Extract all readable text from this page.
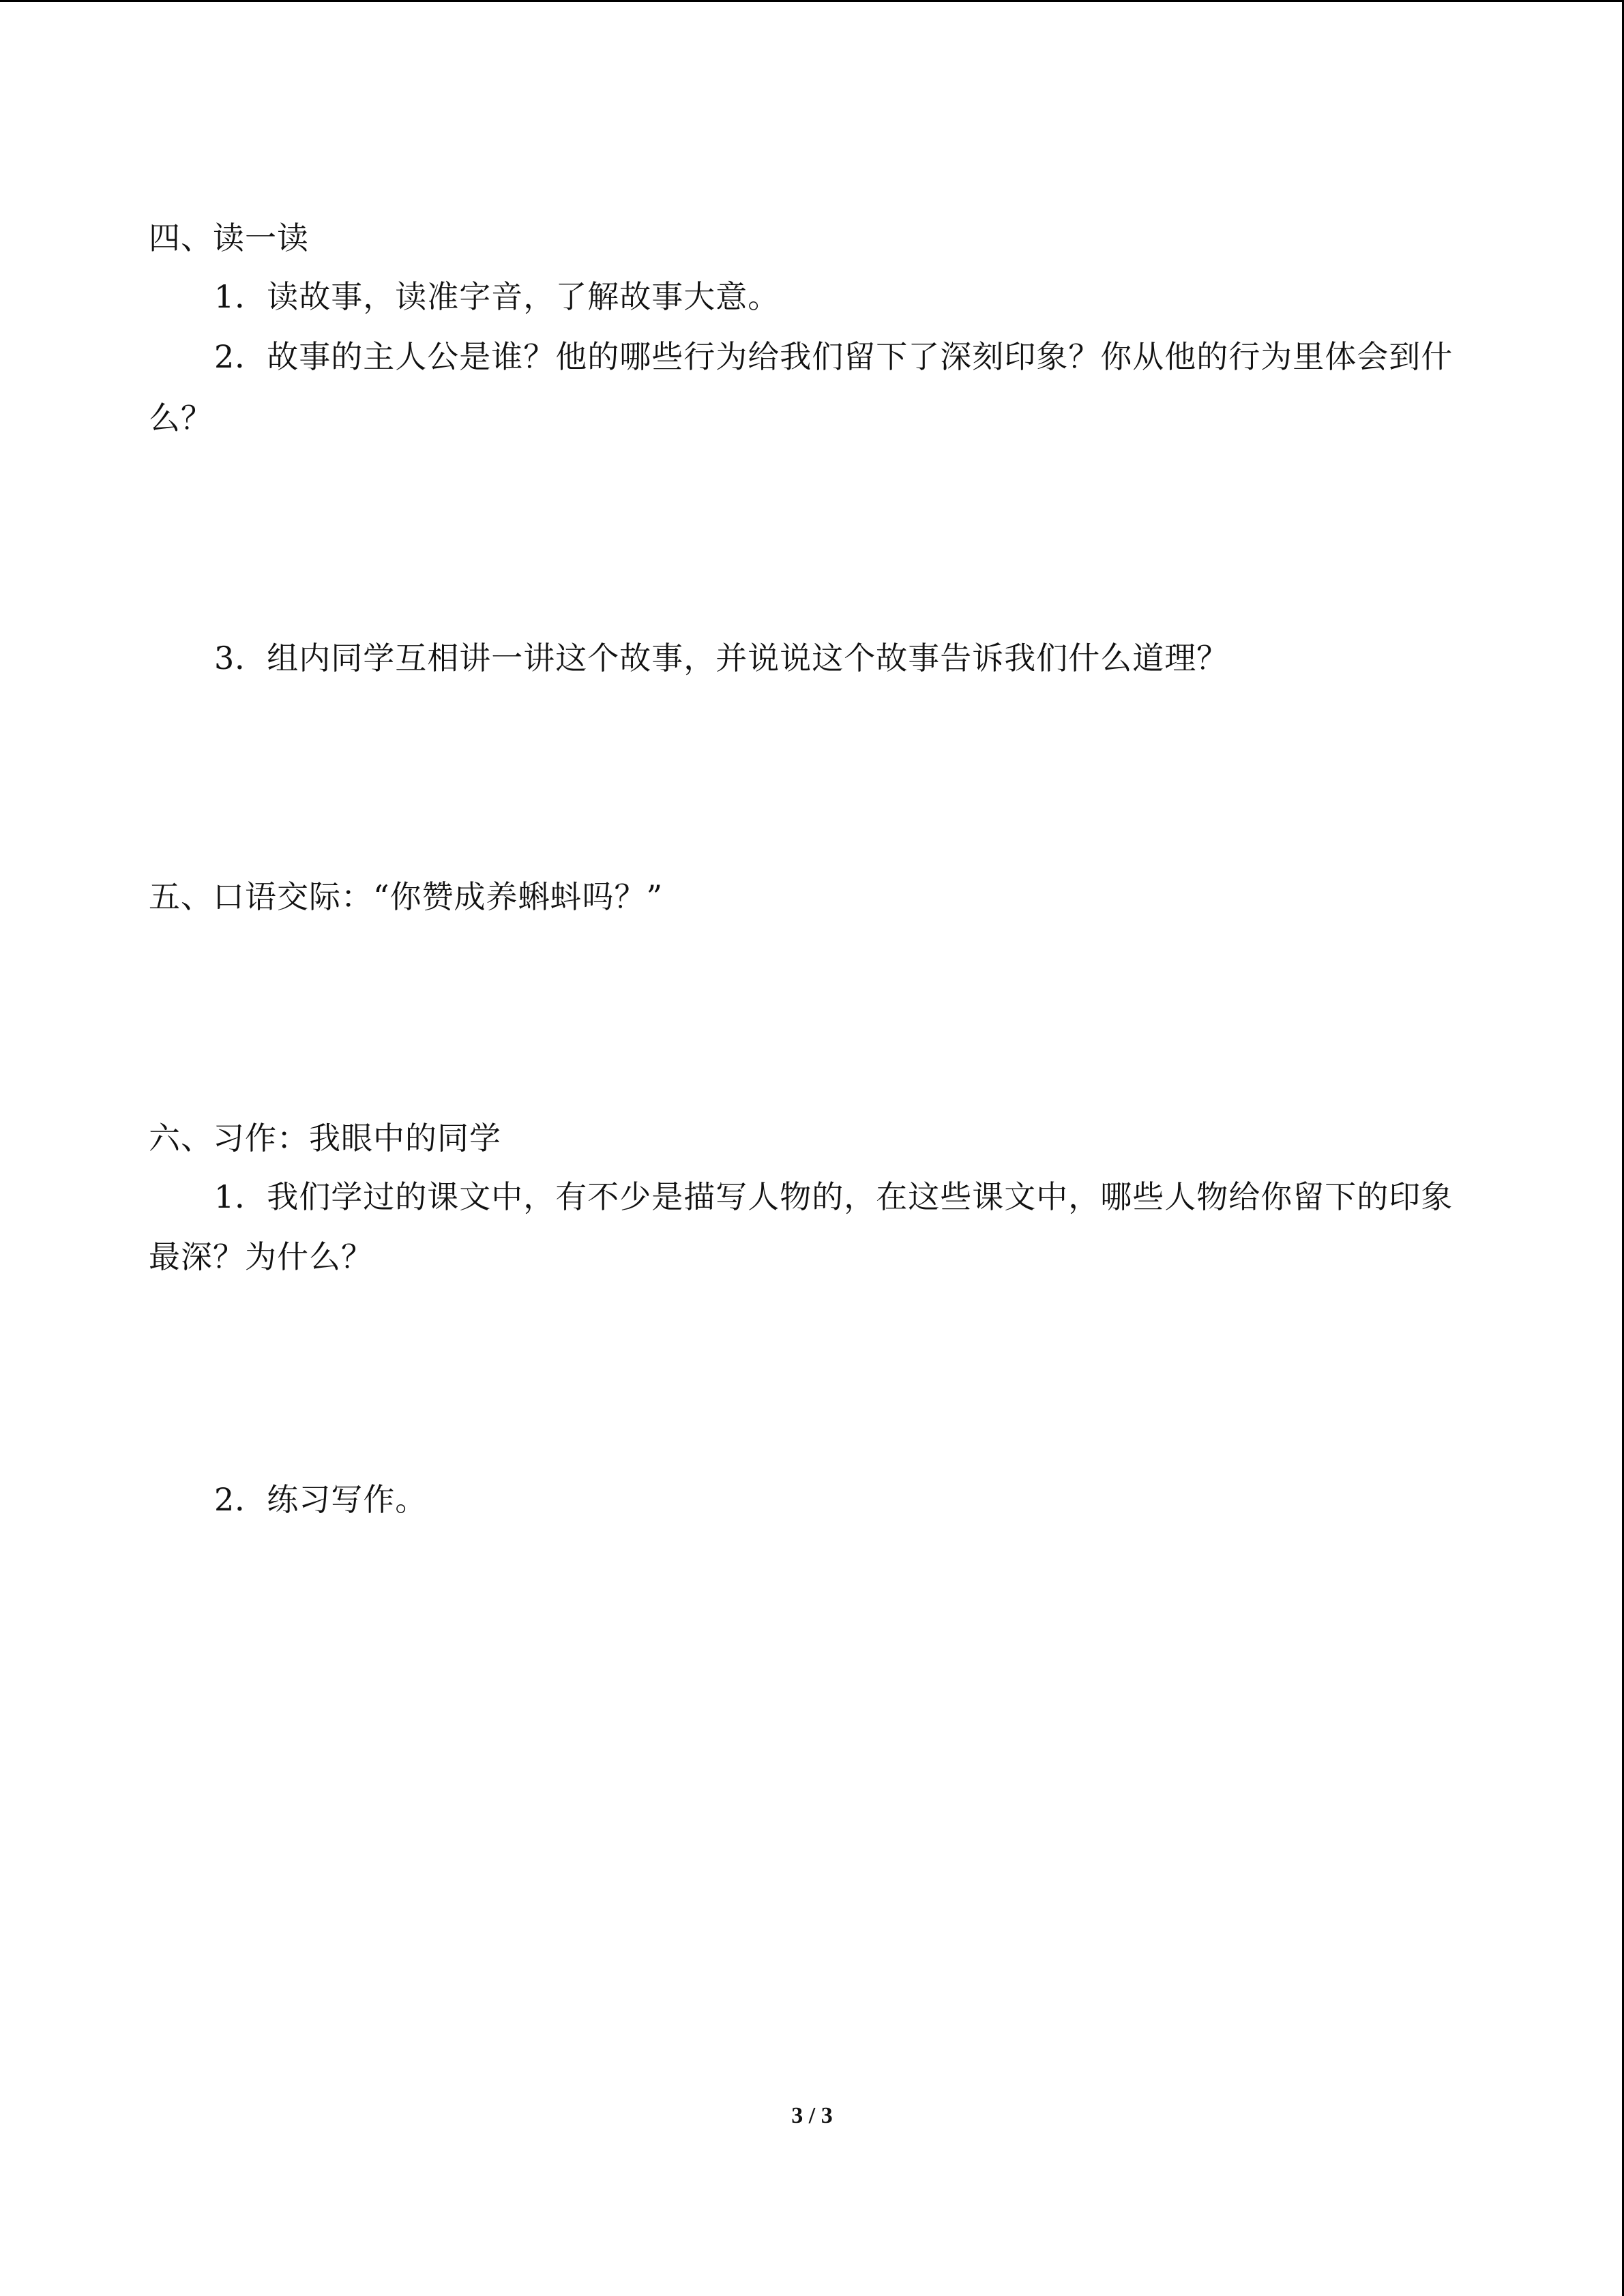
四、读一读
1．读故事，读准字音，了解故事大意。
2．故事的主人公是谁？他的哪些行为给我们留下了深刻印象？你从他的行为里体会到什
么？
3．组内同学互相讲一讲这个故事，并说说这个故事告诉我们什么道理？
五、口语交际：“你赞成养蝌蚪吗？”
六、习作：我眼中的同学
1．我们学过的课文中，有不少是描写人物的，在这些课文中，哪些人物给你留下的印象
最深？为什么？
2．练习写作。
3 / 3
